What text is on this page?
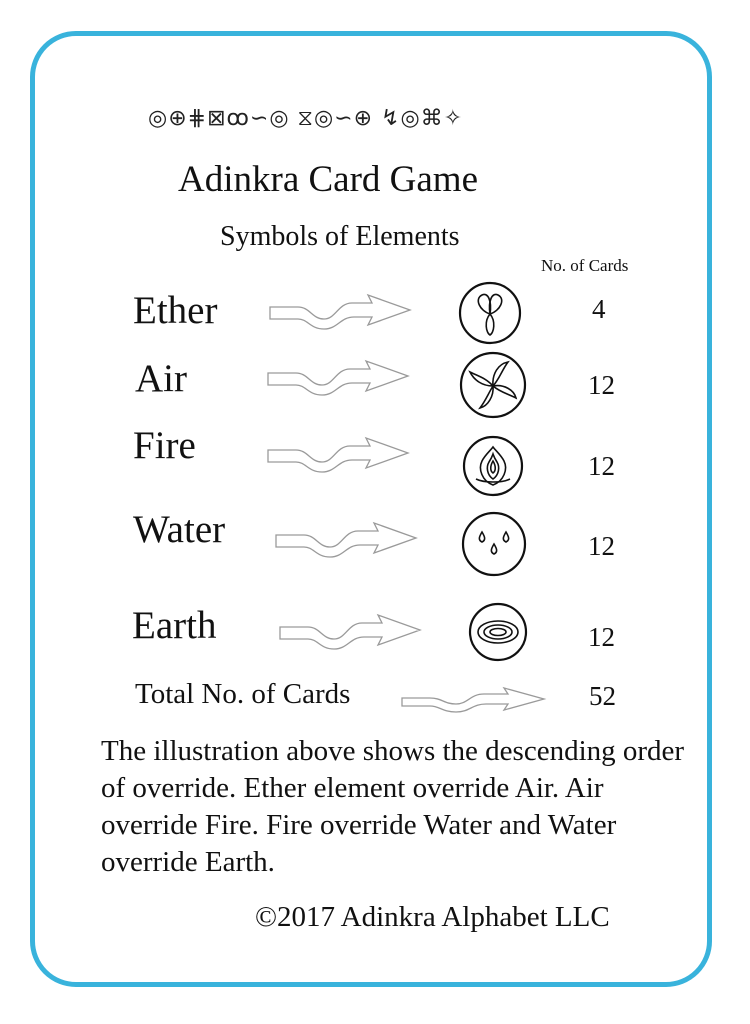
◎⊕⋕⊠ꝏ∽◎ ⧖◎∽⊕ ↯◎⌘✧
Adinkra Card Game
Symbols of Elements
No. of Cards
Ether	4
Air	12
Fire	12
Water	12
Earth	12
Total No. of Cards	52
The illustration above shows the descending order of override. Ether element override Air. Air override Fire. Fire override Water and Water override Earth.
©2017 Adinkra Alphabet LLC
